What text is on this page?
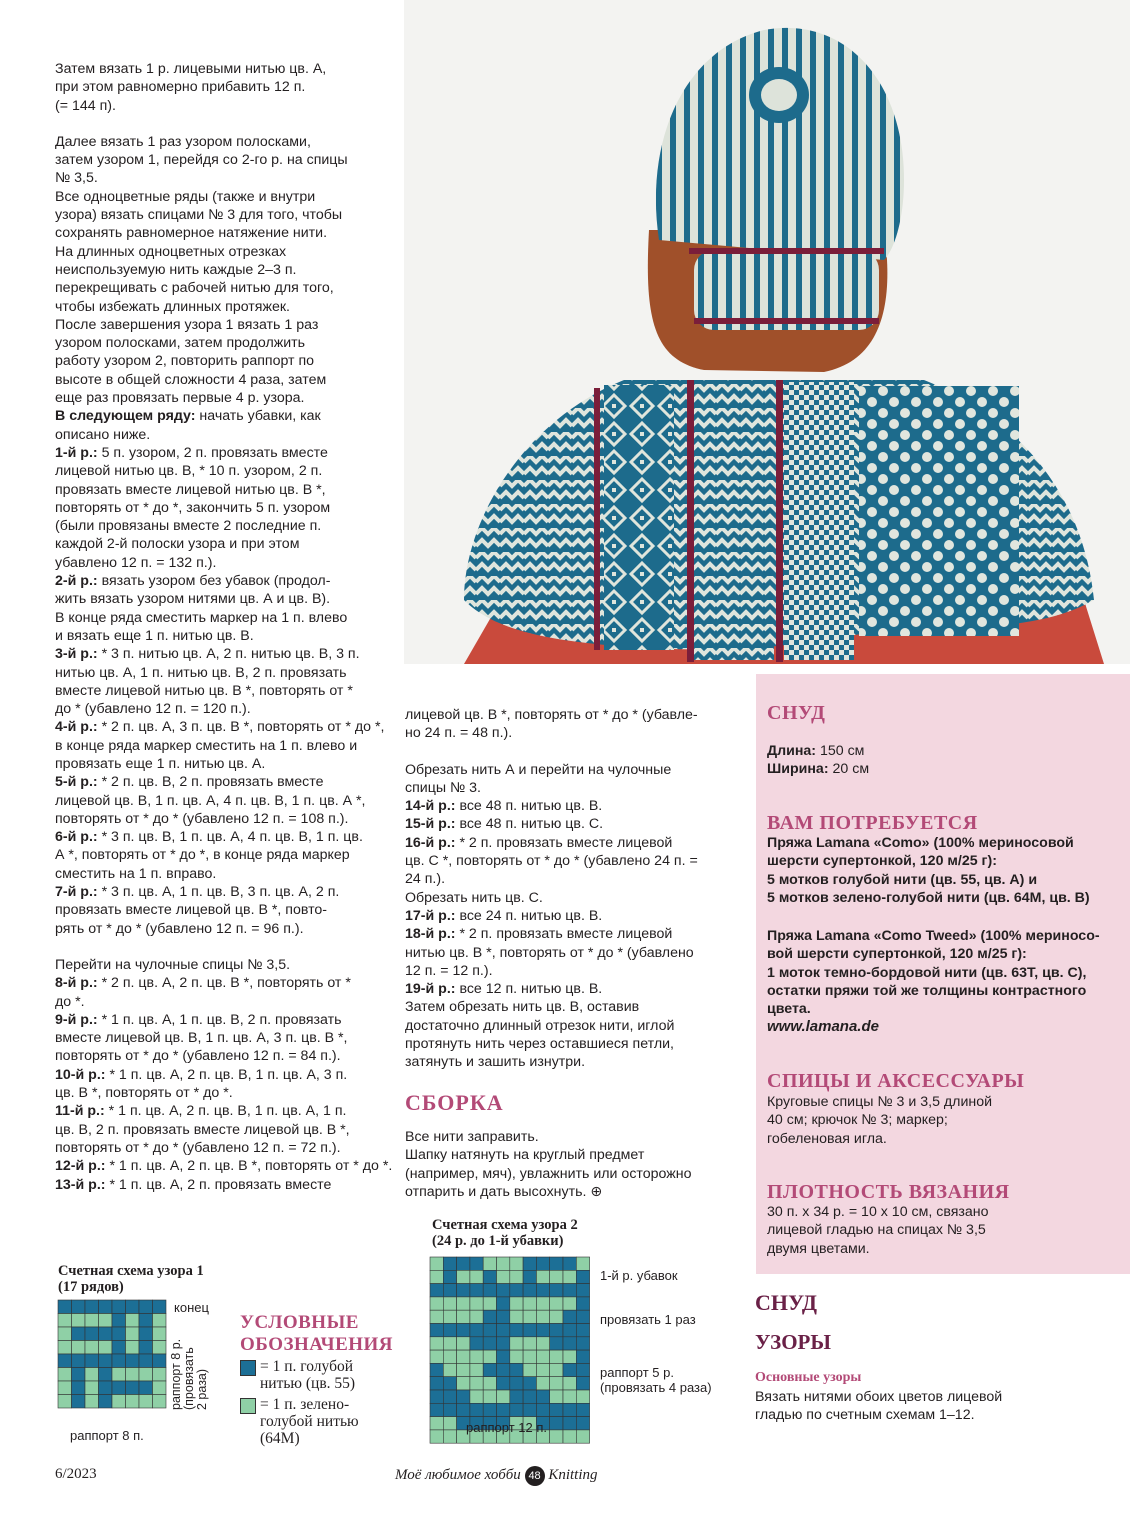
Затем вязать 1 р. лицевыми нитью цв. А,

при этом равномерно прибавить 12 п.

(= 144 п).

Далее вязать 1 раз узором полосками,

затем узором 1, перейдя со 2-го р. на спицы

№ 3,5.

Все одноцветные ряды (также и внутри

узора) вязать спицами № 3 для того, чтобы

сохранять равномерное натяжение нити.

На длинных одноцветных отрезках

неиспользуемую нить каждые 2–3 п.

перекрещивать с рабочей нитью для того,

чтобы избежать длинных протяжек.

После завершения узора 1 вязать 1 раз

узором полосками, затем продолжить

работу узором 2, повторить раппорт по

высоте в общей сложности 4 раза, затем

еще раз провязать первые 4 р. узора.

В следующем ряду: начать убавки, как

описано ниже.

1-й р.: 5 п. узором, 2 п. провязать вместе

лицевой нитью цв. В, * 10 п. узором, 2 п.

провязать вместе лицевой нитью цв. В *,

повторять от * до *, закончить 5 п. узором

(были провязаны вместе 2 последние п.

каждой 2-й полоски узора и при этом

убавлено 12 п. = 132 п.).

2-й р.: вязать узором без убавок (продол-

жить вязать узором нитями цв. А и цв. В).

В конце ряда сместить маркер на 1 п. влево

и вязать еще 1 п. нитью цв. В.

3-й р.: * 3 п. нитью цв. А, 2 п. нитью цв. В, 3 п.

нитью цв. А, 1 п. нитью цв. В, 2 п. провязать

вместе лицевой нитью цв. В *, повторять от *

до * (убавлено 12 п. = 120 п.).

4-й р.: * 2 п. цв. А, 3 п. цв. В *, повторять от * до *,

в конце ряда маркер сместить на 1 п. влево и

провязать еще 1 п. нитью цв. А.

5-й р.: * 2 п. цв. В, 2 п. провязать вместе

лицевой цв. В, 1 п. цв. А, 4 п. цв. В, 1 п. цв. А *,

повторять от * до * (убавлено 12 п. = 108 п.).

6-й р.: * 3 п. цв. В, 1 п. цв. А, 4 п. цв. В, 1 п. цв.

А *, повторять от * до *, в конце ряда маркер

сместить на 1 п. вправо.

7-й р.: * 3 п. цв. А, 1 п. цв. В, 3 п. цв. А, 2 п.

провязать вместе лицевой цв. В *, повто-

рять от * до * (убавлено 12 п. = 96 п.).

Перейти на чулочные спицы № 3,5.

8-й р.: * 2 п. цв. А, 2 п. цв. В *, повторять от *

до *.

9-й р.: * 1 п. цв. А, 1 п. цв. В, 2 п. провязать

вместе лицевой цв. В, 1 п. цв. А, 3 п. цв. В *,

повторять от * до * (убавлено 12 п. = 84 п.).

10-й р.: * 1 п. цв. А, 2 п. цв. В, 1 п. цв. А, 3 п.

цв. В *, повторять от * до *.

11-й р.: * 1 п. цв. А, 2 п. цв. В, 1 п. цв. А, 1 п.

цв. В, 2 п. провязать вместе лицевой цв. В *,

повторять от * до * (убавлено 12 п. = 72 п.).

12-й р.: * 1 п. цв. А, 2 п. цв. В *, повторять от * до *.

13-й р.: * 1 п. цв. А, 2 п. провязать вместе

лицевой цв. В *, повторять от * до * (убавле-

но 24 п. = 48 п.).

Обрезать нить А и перейти на чулочные

спицы № 3.

14-й р.: все 48 п. нитью цв. В.

15-й р.: все 48 п. нитью цв. С.

16-й р.: * 2 п. провязать вместе лицевой

цв. С *, повторять от * до * (убавлено 24 п. =

24 п.).

Обрезать нить цв. С.

17-й р.: все 24 п. нитью цв. В.

18-й р.: * 2 п. провязать вместе лицевой

нитью цв. В *, повторять от * до * (убавлено

12 п. = 12 п.).

19-й р.: все 12 п. нитью цв. В.

Затем обрезать нить цв. В, оставив

достаточно длинный отрезок нити, иглой

протянуть нить через оставшиеся петли,

затянуть и зашить изнутри.

СБОРКА
Все нити заправить.
Шапку натянуть на круглый предмет
(например, мяч), увлажнить или осторожно
отпарить и дать высохнуть. ⊕
СНУД
Длина: 150 см
Ширина: 20 см
ВАМ ПОТРЕБУЕТСЯ
Пряжа Lamana «Como» (100% мериносовой
шерсти супертонкой, 120 м/25 г):
5 мотков голубой нити (цв. 55, цв. А) и
5 мотков зелено-голубой нити (цв. 64М, цв. В)
Пряжа Lamana «Como Tweed» (100% мериносо-
вой шерсти супертонкой, 120 м/25 г):
1 моток темно-бордовой нити (цв. 63Т, цв. С),
остатки пряжи той же толщины контрастного
цвета.
www.lamana.de
СПИЦЫ И АКСЕССУАРЫ
Круговые спицы № 3 и 3,5 длиной
40 см; крючок № 3; маркер;
гобеленовая игла.
ПЛОТНОСТЬ ВЯЗАНИЯ
30 п. х 34 р. = 10 х 10 см, связано
лицевой гладью на спицах № 3,5
двумя цветами.
СНУД
УЗОРЫ
Основные узоры
Вязать нитями обоих цветов лицевой
гладью по счетным схемам 1–12.
Счетная схема узора 1
(17 рядов)
конец
раппорт 8 р. (провязать 2 раза)
раппорт 8 п.
УСЛОВНЫЕ
ОБОЗНАЧЕНИЯ
= 1 п. голубой
нитью (цв. 55)
= 1 п. зелено-
голубой нитью
(64М)
Счетная схема узора 2
(24 р. до 1-й убавки)
1-й р. убавок
провязать 1 раз
раппорт 5 р.
(провязать 4 раза)
раппорт 12 п.
6/2023	Моё любимое хобби 48 Knitting
